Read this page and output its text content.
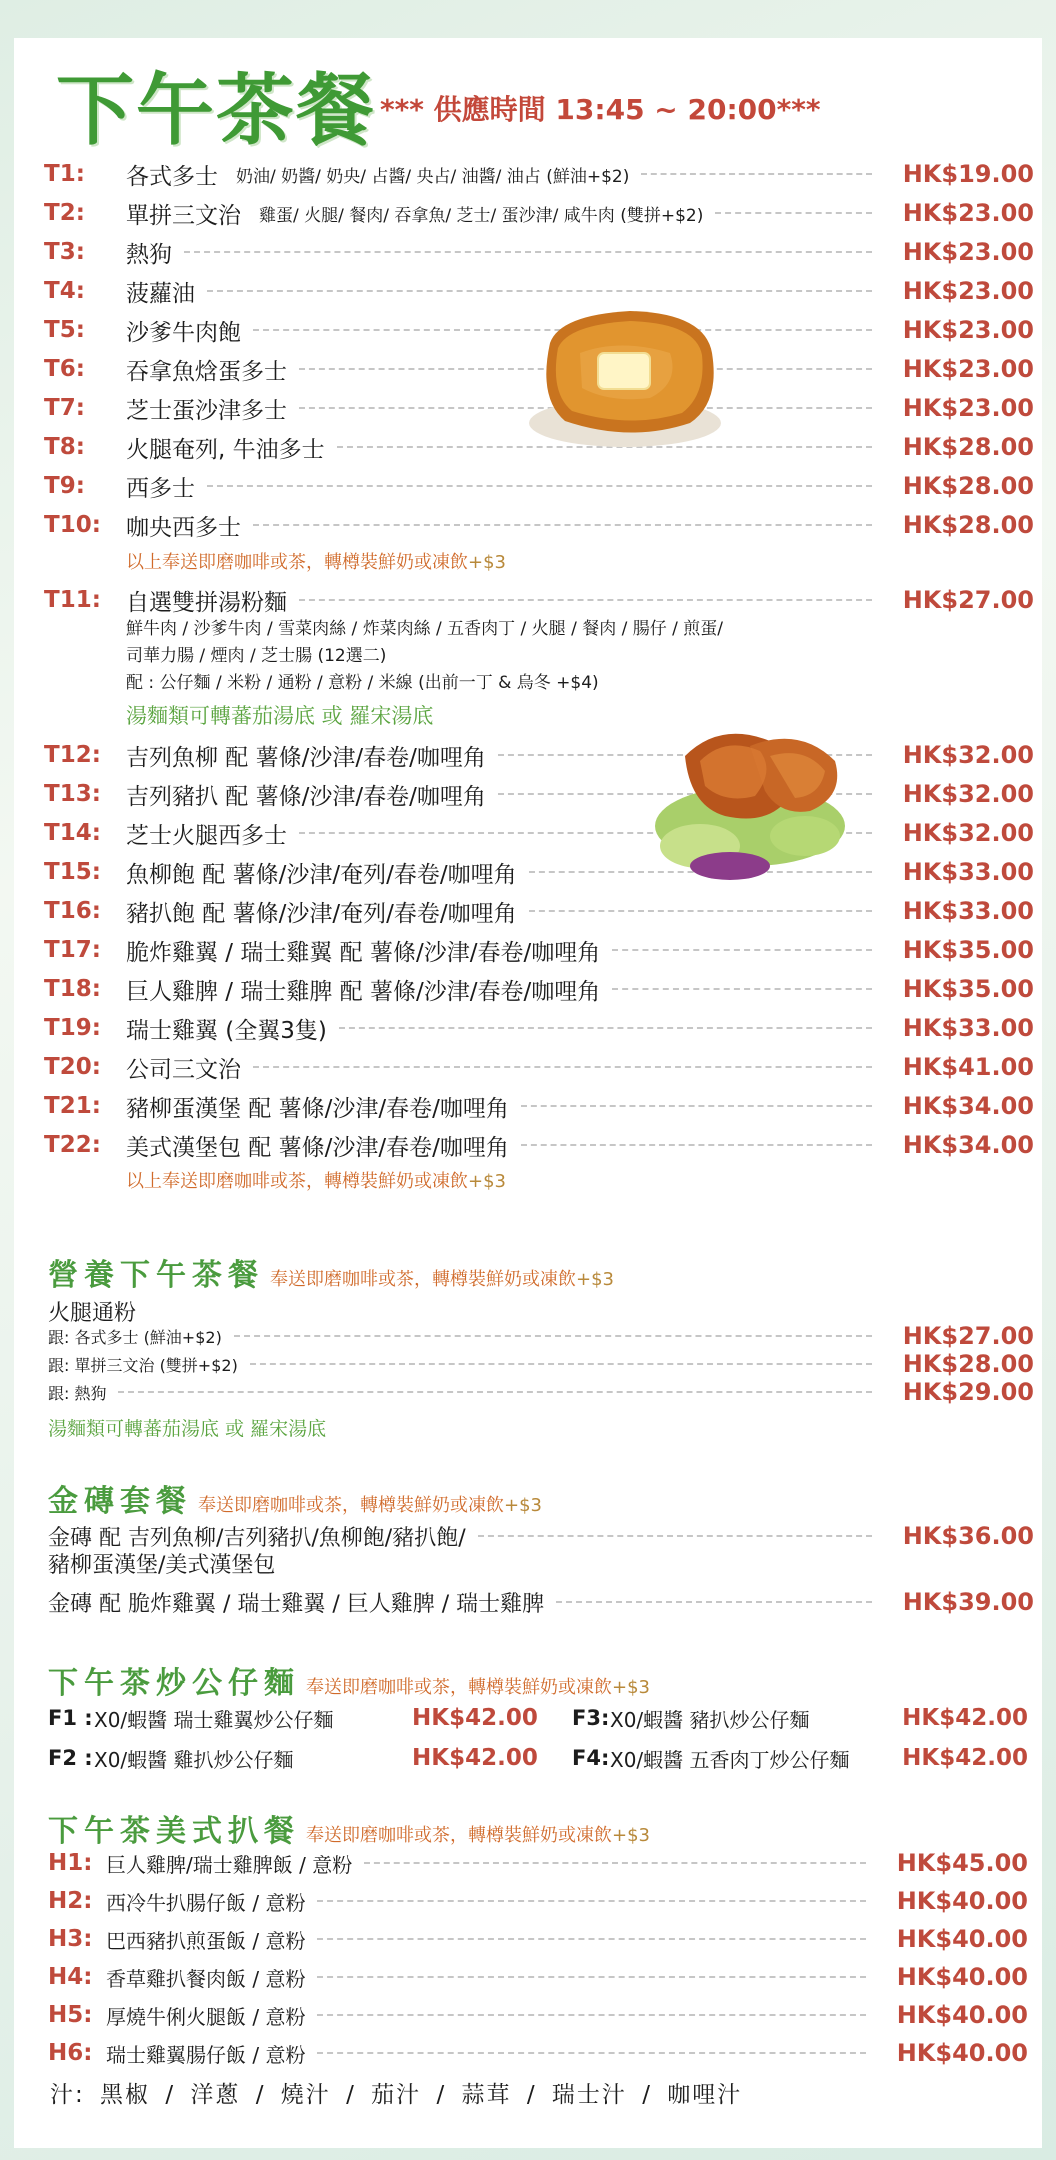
下午茶餐 *** 供應時間 13:45 ~ 20:00***
T1:	各式多士 奶油/ 奶醬/ 奶央/ 占醬/ 央占/ 油醬/ 油占 (鮮油+$2)	HK$19.00
T2:	單拼三文治 雞蛋/ 火腿/ 餐肉/ 吞拿魚/ 芝士/ 蛋沙津/ 咸牛肉 (雙拼+$2)	HK$23.00
T3:	熱狗	HK$23.00
T4:	菠蘿油	HK$23.00
T5:	沙爹牛肉飽	HK$23.00
T6:	吞拿魚焓蛋多士	HK$23.00
T7:	芝士蛋沙津多士	HK$23.00
T8:	火腿奄列, 牛油多士	HK$28.00
T9:	西多士	HK$28.00
T10:	咖央西多士	HK$28.00
以上奉送即磨咖啡或茶，轉樽裝鮮奶或凍飲+$3
T11:	自選雙拼湯粉麵	HK$27.00
鮮牛肉 / 沙爹牛肉 / 雪菜肉絲 / 炸菜肉絲 / 五香肉丁 / 火腿 / 餐肉 / 腸仔 / 煎蛋/
司華力腸 / 煙肉 / 芝士腸 (12選二)
配 : 公仔麵 / 米粉 / 通粉 / 意粉 / 米線 (出前一丁 & 烏冬 +$4)
湯麵類可轉蕃茄湯底 或 羅宋湯底
T12:	吉列魚柳 配 薯條/沙津/春卷/咖哩角	HK$32.00
T13:	吉列豬扒 配 薯條/沙津/春卷/咖哩角	HK$32.00
T14:	芝士火腿西多士	HK$32.00
T15:	魚柳飽 配 薯條/沙津/奄列/春卷/咖哩角	HK$33.00
T16:	豬扒飽 配 薯條/沙津/奄列/春卷/咖哩角	HK$33.00
T17:	脆炸雞翼 / 瑞士雞翼 配 薯條/沙津/春卷/咖哩角	HK$35.00
T18:	巨人雞脾 / 瑞士雞脾 配 薯條/沙津/春卷/咖哩角	HK$35.00
T19:	瑞士雞翼 (全翼3隻)	HK$33.00
T20:	公司三文治	HK$41.00
T21:	豬柳蛋漢堡 配 薯條/沙津/春卷/咖哩角	HK$34.00
T22:	美式漢堡包 配 薯條/沙津/春卷/咖哩角	HK$34.00
以上奉送即磨咖啡或茶，轉樽裝鮮奶或凍飲+$3
營養下午茶餐 奉送即磨咖啡或茶，轉樽裝鮮奶或凍飲+$3
火腿通粉
跟: 各式多士 (鮮油+$2)	HK$27.00
跟: 單拼三文治 (雙拼+$2)	HK$28.00
跟: 熱狗	HK$29.00
湯麵類可轉蕃茄湯底 或 羅宋湯底
金磚套餐 奉送即磨咖啡或茶，轉樽裝鮮奶或凍飲+$3
金磚 配 吉列魚柳/吉列豬扒/魚柳飽/豬扒飽/	HK$36.00
豬柳蛋漢堡/美式漢堡包
金磚 配 脆炸雞翼 / 瑞士雞翼 / 巨人雞脾 / 瑞士雞脾	HK$39.00
下午茶炒公仔麵 奉送即磨咖啡或茶，轉樽裝鮮奶或凍飲+$3
F1 : X0/蝦醬 瑞士雞翼炒公仔麵	HK$42.00	F3: X0/蝦醬 豬扒炒公仔麵	HK$42.00
F2 : X0/蝦醬 雞扒炒公仔麵	HK$42.00	F4: X0/蝦醬 五香肉丁炒公仔麵	HK$42.00
下午茶美式扒餐 奉送即磨咖啡或茶，轉樽裝鮮奶或凍飲+$3
H1: 巨人雞脾/瑞士雞脾飯 / 意粉	HK$45.00
H2: 西冷牛扒腸仔飯 / 意粉	HK$40.00
H3: 巴西豬扒煎蛋飯 / 意粉	HK$40.00
H4: 香草雞扒餐肉飯 / 意粉	HK$40.00
H5: 厚燒牛俐火腿飯 / 意粉	HK$40.00
H6: 瑞士雞翼腸仔飯 / 意粉	HK$40.00
汁: 黑椒 / 洋蔥 / 燒汁 / 茄汁 / 蒜茸 / 瑞士汁 / 咖哩汁
